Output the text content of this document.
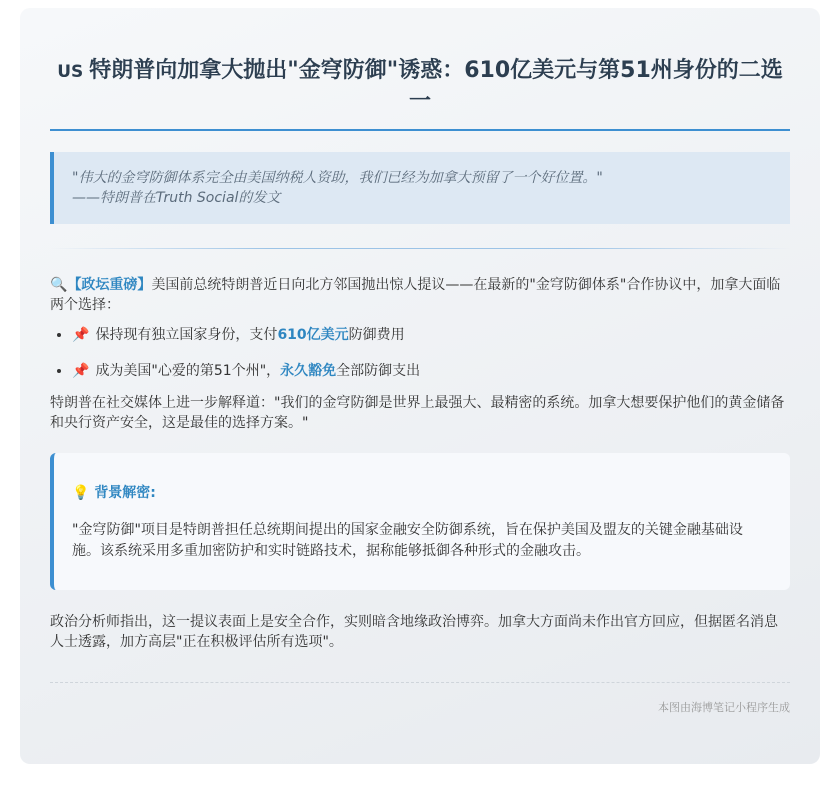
US 特朗普向加拿大抛出"金穹防御"诱惑：610亿美元与第51州身份的二选一
"伟大的金穹防御体系完全由美国纳税人资助，我们已经为加拿大预留了一个好位置。"
——特朗普在Truth Social的发文

🔍【政坛重磅】美国前总统特朗普近日向北方邻国抛出惊人提议——在最新的"金穹防御体系"合作协议中，加拿大面临两个选择：

• 📌 保持现有独立国家身份，支付610亿美元防御费用
• 📌 成为美国"心爱的第51个州"，永久豁免全部防御支出

特朗普在社交媒体上进一步解释道："我们的金穹防御是世界上最强大、最精密的系统。加拿大想要保护他们的黄金储备和央行资产安全，这是最佳的选择方案。"

💡 背景解密:
"金穹防御"项目是特朗普担任总统期间提出的国家金融安全防御系统，旨在保护美国及盟友的关键金融基础设施。该系统采用多重加密防护和实时链路技术，据称能够抵御各种形式的金融攻击。

政治分析师指出，这一提议表面上是安全合作，实则暗含地缘政治博弈。加拿大方面尚未作出官方回应，但据匿名消息人士透露，加方高层"正在积极评估所有选项"。

本图由海博笔记小程序生成
